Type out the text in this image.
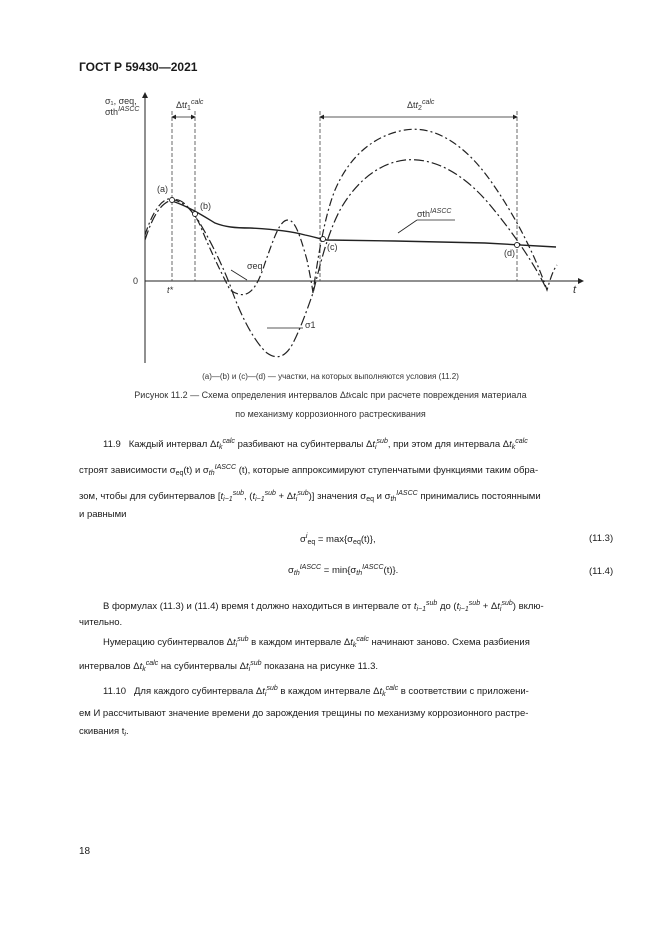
ГОСТ Р 59430—2021
σ₁, σeq,
σth$^{IASCC}$
t
0
t*
Δtt$_1^{calc}$	Δtt$_2^{calc}$
(a)
(b)
(c)
(d)
σeq
σ1
σth$^{IASCC}$
(a)—(b) и (c)—(d) — участки, на которых выполняются условия (11.2)
Рисунок 11.2 — Схема определения интервалов Δtkcalc при расчете повреждения материала
по механизму коррозионного растрескивания
11.9 Каждый интервал $\Delta t_k^{calc}$ разбивают на субинтервалы $\Delta t_i^{sub}$, при этом для интервала $\Delta t_k^{calc}$
строят зависимости $\sigma_{eq}(t)$ и $\sigma_{th}^{IASCC}$ (t), которые аппроксимируют ступенчатыми функциями таким обра-
зом, чтобы для субинтервалов [$t_{i-1}^{sub}$, $(t_{i-1}^{sub} + \Delta t_i^{sub})$] значения $\sigma_{eq}$ и $\sigma_{th}^{IASCC}$ принимались постоянными
и равными
$\sigma^i_{eq} = \max\{\sigma_{eq}(t)\}$,	(11.3)
$\sigma_{th}^{IASCC} = \min\{\sigma_{th}^{IASCC}(t)\}$.	(11.4)
В формулах (11.3) и (11.4) время t должно находиться в интервале от $t_{i-1}^{sub}$ до $(t_{i-1}^{sub} + \Delta t_i^{sub})$ вклю-
чительно.
Нумерацию субинтервалов $\Delta t_i^{sub}$ в каждом интервале $\Delta t_k^{calc}$ начинают заново. Схема разбиения
интервалов $\Delta t_k^{calc}$ на субинтервалы $\Delta t_i^{sub}$ показана на рисунке 11.3.
11.10 Для каждого субинтервала $\Delta t_i^{sub}$ в каждом интервале $\Delta t_k^{calc}$ в соответствии с приложени-
ем И рассчитывают значение времени до зарождения трещины по механизму коррозионного растре-
скивания $t_i$.
18
